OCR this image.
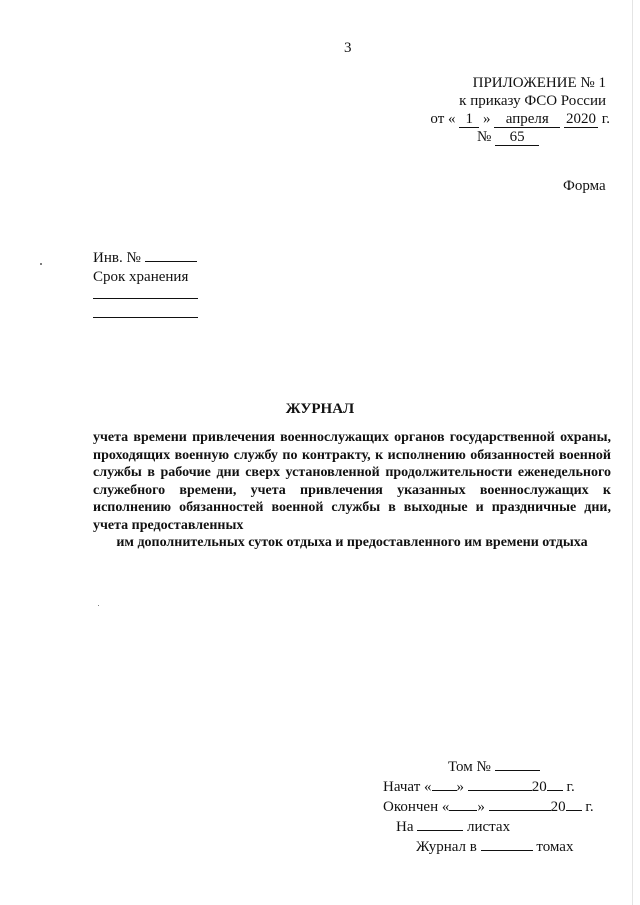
3
ПРИЛОЖЕНИЕ № 1
к приказу ФСО России
от « 1 » апреля 2020 г.
№ 65
Форма
Инв. №
Срок хранения
ЖУРНАЛ
учета времени привлечения военнослужащих органов государственной охраны, проходящих военную службу по контракту, к исполнению обязанностей военной службы в рабочие дни сверх установленной продолжительности еженедельного служебного времени, учета привлечения указанных военнослужащих к исполнению обязанностей военной службы в выходные и праздничные дни, учета предоставленных
им дополнительных суток отдыха и предоставленного им времени отдыха
Том №
Начат « »	20 г.
Окончен « »	20 г.
На	листах
Журнал в	томах
